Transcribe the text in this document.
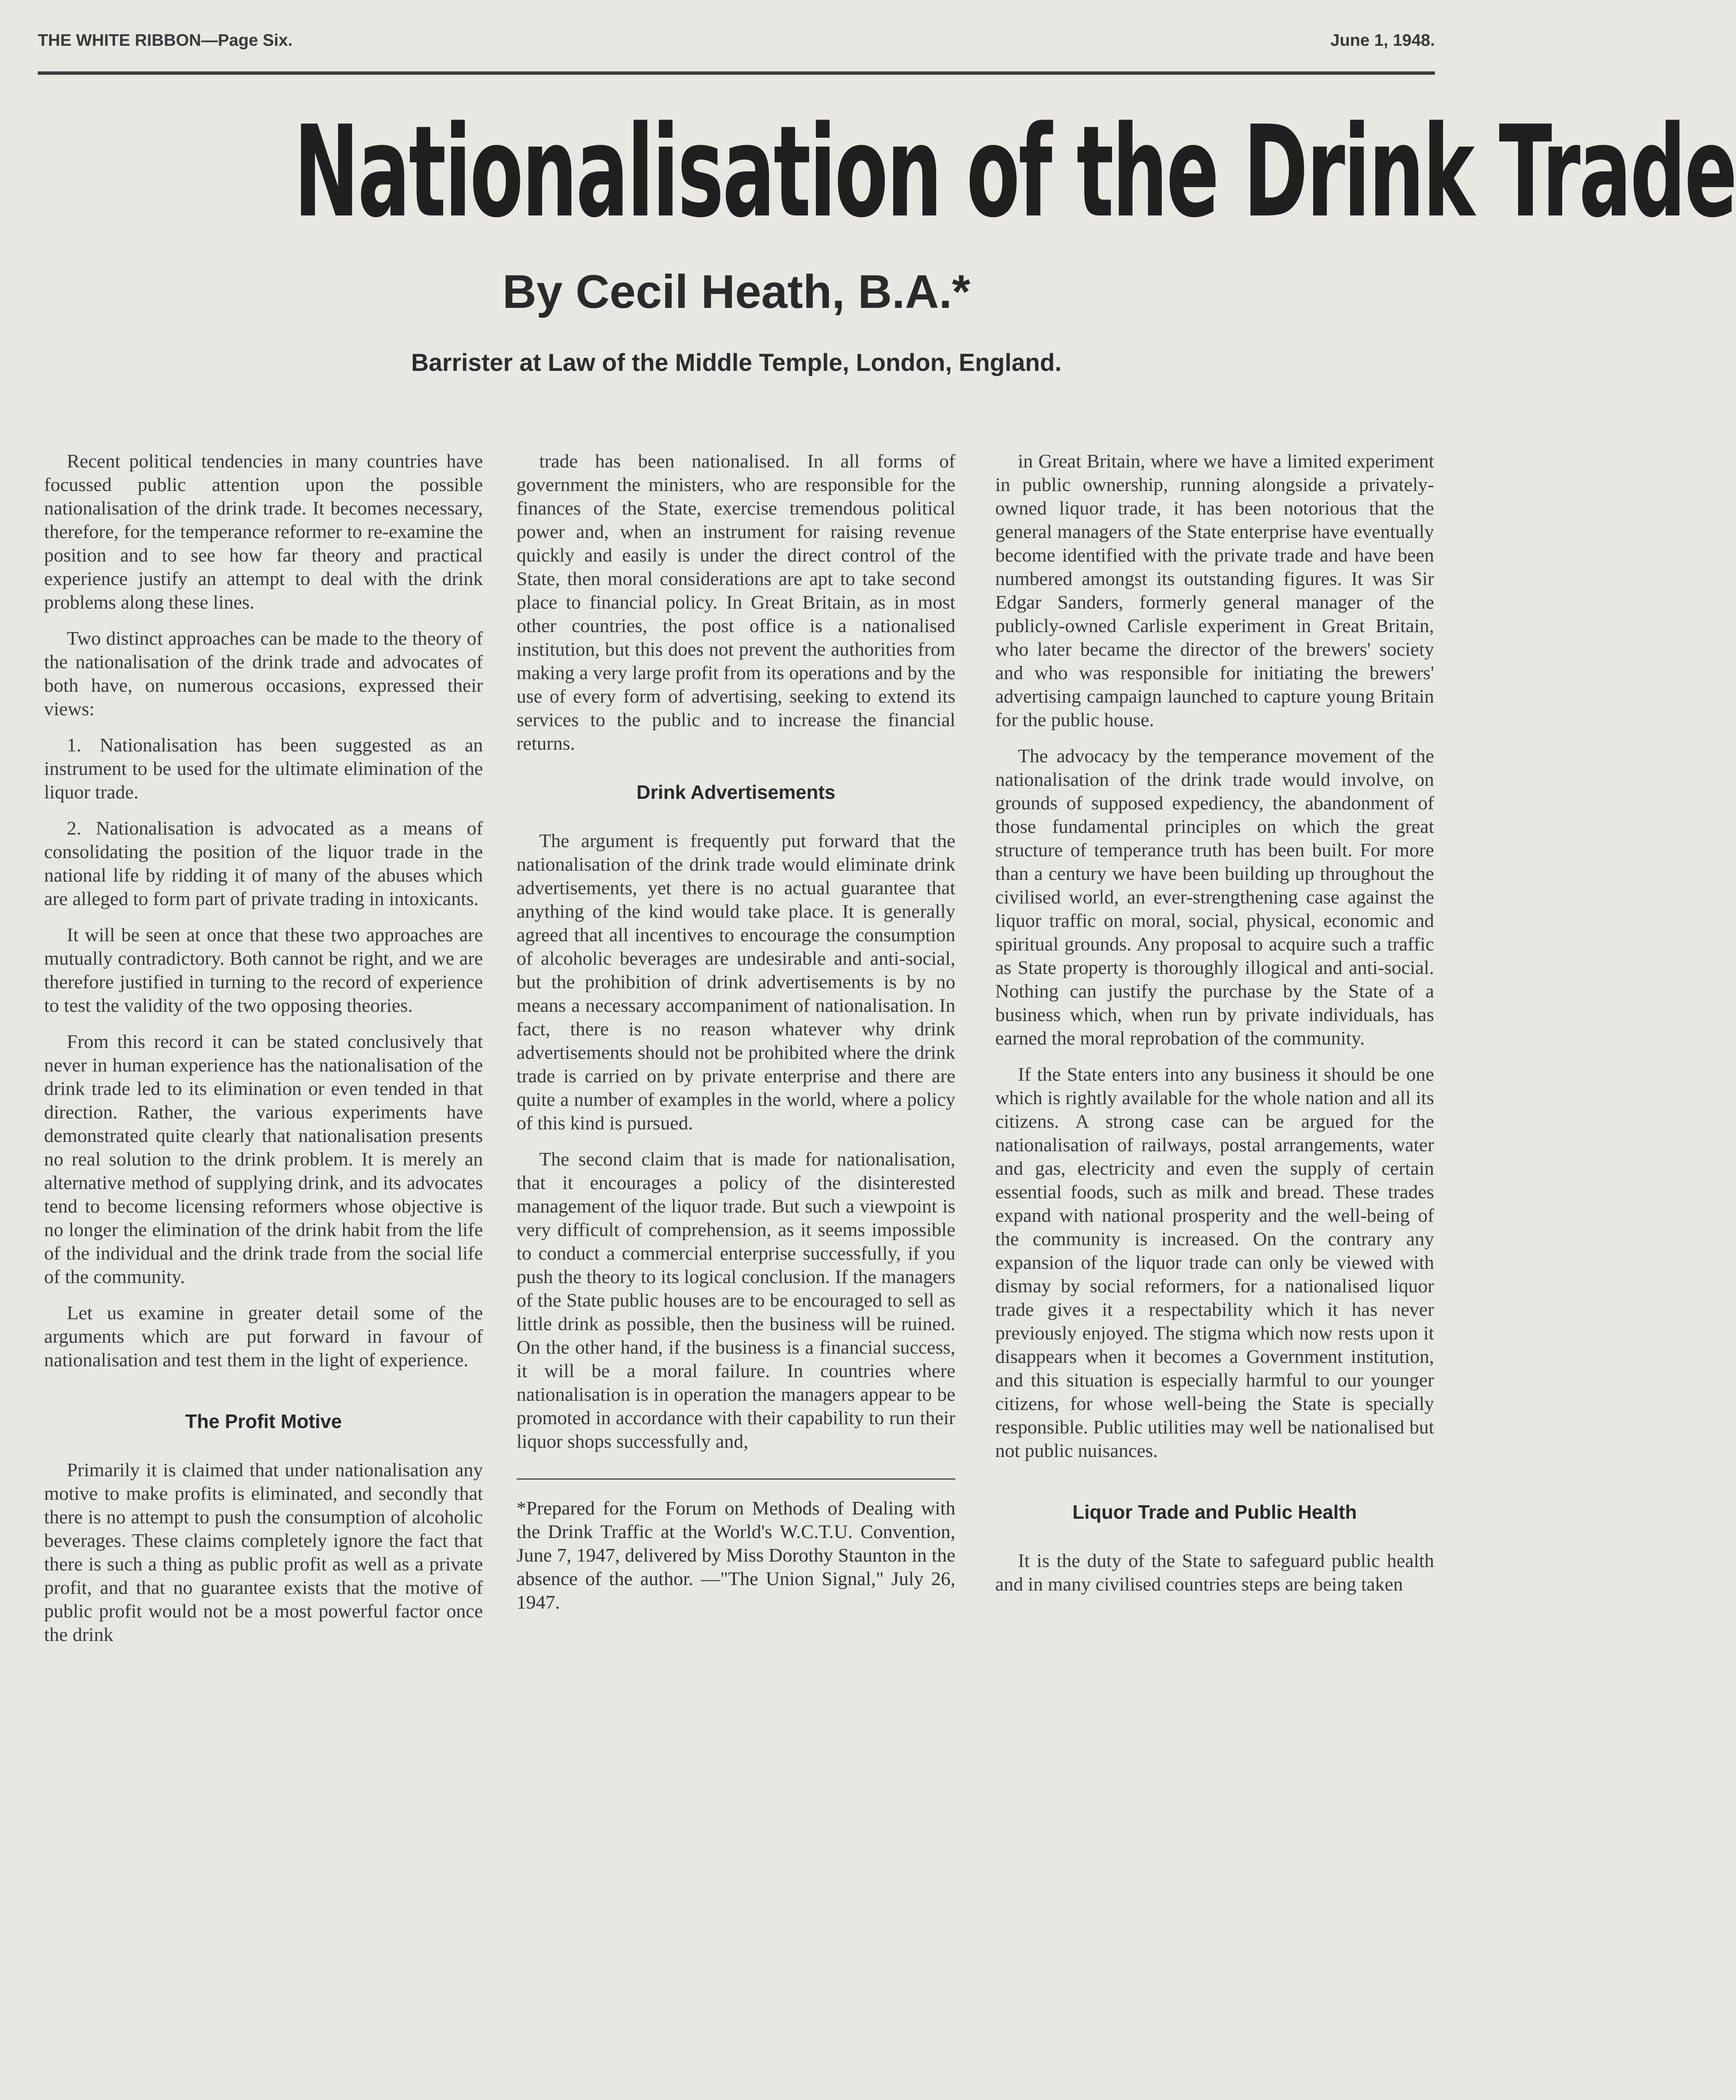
THE WHITE RIBBON—Page Six.	June 1, 1948.
Nationalisation of the Drink Trade
By Cecil Heath, B.A.*
Barrister at Law of the Middle Temple, London, England.

Recent political tendencies in many countries have focussed public attention upon the possible nationalisation of the drink trade. It becomes necessary, therefore, for the temperance reformer to re-examine the position and to see how far theory and practical experience justify an attempt to deal with the drink problems along these lines.

Two distinct approaches can be made to the theory of the nationalisation of the drink trade and advocates of both have, on numerous occasions, expressed their views:

1. Nationalisation has been suggested as an instrument to be used for the ultimate elimination of the liquor trade.

2. Nationalisation is advocated as a means of consolidating the position of the liquor trade in the national life by ridding it of many of the abuses which are alleged to form part of private trading in intoxicants.

It will be seen at once that these two approaches are mutually contradictory. Both cannot be right, and we are therefore justified in turning to the record of experience to test the validity of the two opposing theories.

From this record it can be stated conclusively that never in human experience has the nationalisation of the drink trade led to its elimination or even tended in that direction. Rather, the various experiments have demonstrated quite clearly that nationalisation presents no real solution to the drink problem. It is merely an alternative method of supplying drink, and its advocates tend to become licensing reformers whose objective is no longer the elimination of the drink habit from the life of the individual and the drink trade from the social life of the community.

Let us examine in greater detail some of the arguments which are put forward in favour of nationalisation and test them in the light of experience.

The Profit Motive

Primarily it is claimed that under nationalisation any motive to make profits is eliminated, and secondly that there is no attempt to push the consumption of alcoholic beverages. These claims completely ignore the fact that there is such a thing as public profit as well as a private profit, and that no guarantee exists that the motive of public profit would not be a most powerful factor once the drink

trade has been nationalised. In all forms of government the ministers, who are responsible for the finances of the State, exercise tremendous political power and, when an instrument for raising revenue quickly and easily is under the direct control of the State, then moral considerations are apt to take second place to financial policy. In Great Britain, as in most other countries, the post office is a nationalised institution, but this does not prevent the authorities from making a very large profit from its operations and by the use of every form of advertising, seeking to extend its services to the public and to increase the financial returns.

Drink Advertisements

The argument is frequently put forward that the nationalisation of the drink trade would eliminate drink advertisements, yet there is no actual guarantee that anything of the kind would take place. It is generally agreed that all incentives to encourage the consumption of alcoholic beverages are undesirable and anti-social, but the prohibition of drink advertisements is by no means a necessary accompaniment of nationalisation. In fact, there is no reason whatever why drink advertisements should not be prohibited where the drink trade is carried on by private enterprise and there are quite a number of examples in the world, where a policy of this kind is pursued.

The second claim that is made for nationalisation, that it encourages a policy of the disinterested management of the liquor trade. But such a viewpoint is very difficult of comprehension, as it seems impossible to conduct a commercial enterprise successfully, if you push the theory to its logical conclusion. If the managers of the State public houses are to be encouraged to sell as little drink as possible, then the business will be ruined. On the other hand, if the business is a financial success, it will be a moral failure. In countries where nationalisation is in operation the managers appear to be promoted in accordance with their capability to run their liquor shops successfully and,

*Prepared for the Forum on Methods of Dealing with the Drink Traffic at the World's W.C.T.U. Convention, June 7, 1947, delivered by Miss Dorothy Staunton in the absence of the author. —"The Union Signal," July 26, 1947.

in Great Britain, where we have a limited experiment in public ownership, running alongside a privately-owned liquor trade, it has been notorious that the general managers of the State enterprise have eventually become identified with the private trade and have been numbered amongst its outstanding figures. It was Sir Edgar Sanders, formerly general manager of the publicly-owned Carlisle experiment in Great Britain, who later became the director of the brewers' society and who was responsible for initiating the brewers' advertising campaign launched to capture young Britain for the public house.

The advocacy by the temperance movement of the nationalisation of the drink trade would involve, on grounds of supposed expediency, the abandonment of those fundamental principles on which the great structure of temperance truth has been built. For more than a century we have been building up throughout the civilised world, an ever-strengthening case against the liquor traffic on moral, social, physical, economic and spiritual grounds. Any proposal to acquire such a traffic as State property is thoroughly illogical and anti-social. Nothing can justify the purchase by the State of a business which, when run by private individuals, has earned the moral reprobation of the community.

If the State enters into any business it should be one which is rightly available for the whole nation and all its citizens. A strong case can be argued for the nationalisation of railways, postal arrangements, water and gas, electricity and even the supply of certain essential foods, such as milk and bread. These trades expand with national prosperity and the well-being of the community is increased. On the contrary any expansion of the liquor trade can only be viewed with dismay by social reformers, for a nationalised liquor trade gives it a respectability which it has never previously enjoyed. The stigma which now rests upon it disappears when it becomes a Government institution, and this situation is especially harmful to our younger citizens, for whose well-being the State is specially responsible. Public utilities may well be nationalised but not public nuisances.

Liquor Trade and Public Health

It is the duty of the State to safeguard public health and in many civilised countries steps are being taken
